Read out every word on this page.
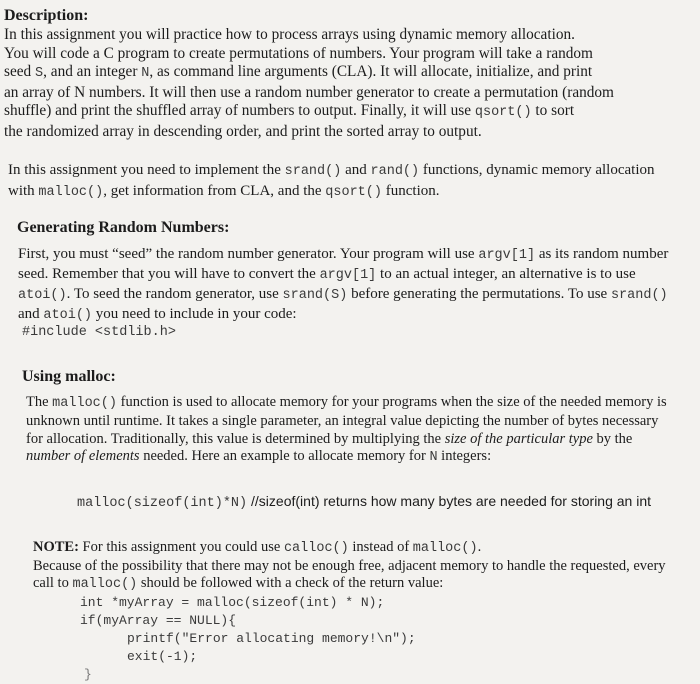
Description:
In this assignment you will practice how to process arrays using dynamic memory allocation.
You will code a C program to create permutations of numbers. Your program will take a random
seed S, and an integer N, as command line arguments (CLA). It will allocate, initialize, and print
an array of N numbers. It will then use a random number generator to create a permutation (random
shuffle) and print the shuffled array of numbers to output. Finally, it will use qsort() to sort
the randomized array in descending order, and print the sorted array to output.
In this assignment you need to implement the srand() and rand() functions, dynamic memory allocation with malloc(), get information from CLA, and the qsort() function.
Generating Random Numbers:
First, you must “seed” the random number generator. Your program will use argv[1] as its random number seed. Remember that you will have to convert the argv[1] to an actual integer, an alternative is to use atoi(). To seed the random generator, use srand(S) before generating the permutations. To use srand() and atoi() you need to include in your code:
#include <stdlib.h>
Using malloc:
The malloc() function is used to allocate memory for your programs when the size of the needed memory is unknown until runtime. It takes a single parameter, an integral value depicting the number of bytes necessary for allocation. Traditionally, this value is determined by multiplying the size of the particular type by the number of elements needed. Here an example to allocate memory for N integers:
malloc(sizeof(int)*N) //sizeof(int) returns how many bytes are needed for storing an int
NOTE: For this assignment you could use calloc() instead of malloc().
Because of the possibility that there may not be enough free, adjacent memory to handle the requested, every call to malloc() should be followed with a check of the return value:
int *myArray = malloc(sizeof(int) * N);
if(myArray == NULL){
printf("Error allocating memory!\n");
exit(-1);
}
